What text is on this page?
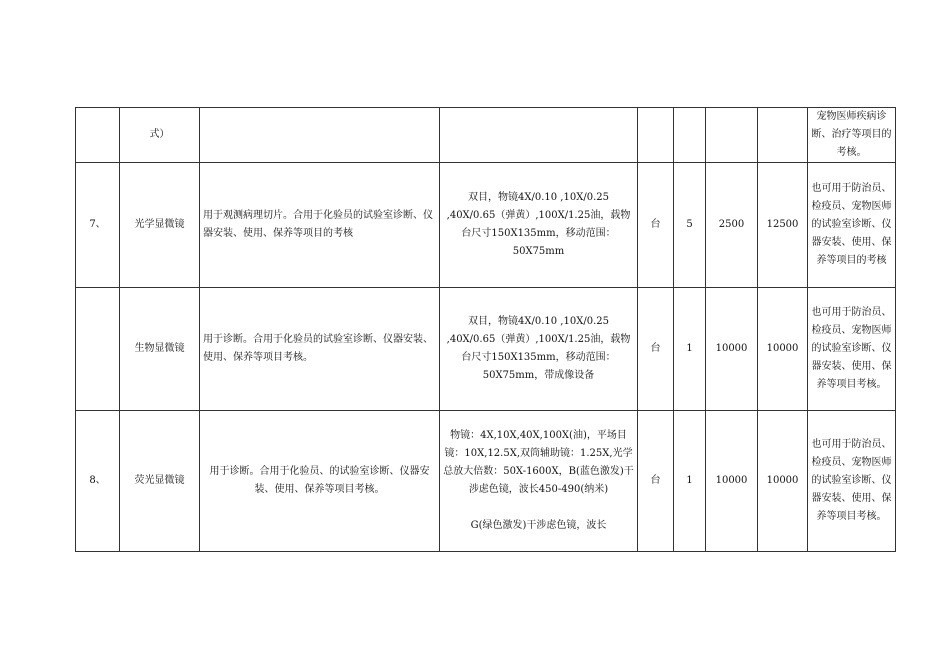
	式）							宠物医师疾病诊断、治疗等项目的考核。
7、	光学显微镜	用于观测病理切片。合用于化验员的试验室诊断、仪器安装、使用、保养等项目的考核	双目，物镜4X/0.10 ,10X/0.25 ,40X/0.65（弹黄）,100X/1.25油，载物台尺寸150X135mm，移动范围：50X75mm	台	5	2500	12500	也可用于防治员、检疫员、宠物医师的试验室诊断、仪器安装、使用、保养等项目的考核
	生物显微镜	用于诊断。合用于化验员的试验室诊断、仪器安装、使用、保养等项目考核。	双目，物镜4X/0.10 ,10X/0.25 ,40X/0.65（弹黄）,100X/1.25油，载物台尺寸150X135mm，移动范围：50X75mm，带成像设备	台	1	10000	10000	也可用于防治员、检疫员、宠物医师的试验室诊断、仪器安装、使用、保养等项目考核。
8、	荧光显微镜	用于诊断。合用于化验员、的试验室诊断、仪器安装、使用、保养等项目考核。	物镜：4X,10X,40X,100X(油)，平场目镜：10X,12.5X,双筒辅助镜：1.25X,光学总放大倍数：50X-1600X，B(蓝色激发)干涉虑色镜，波长450-490(纳米)
G(绿色激发)干涉虑色镜，波长	台	1	10000	10000	也可用于防治员、检疫员、宠物医师的试验室诊断、仪器安装、使用、保养等项目考核。
